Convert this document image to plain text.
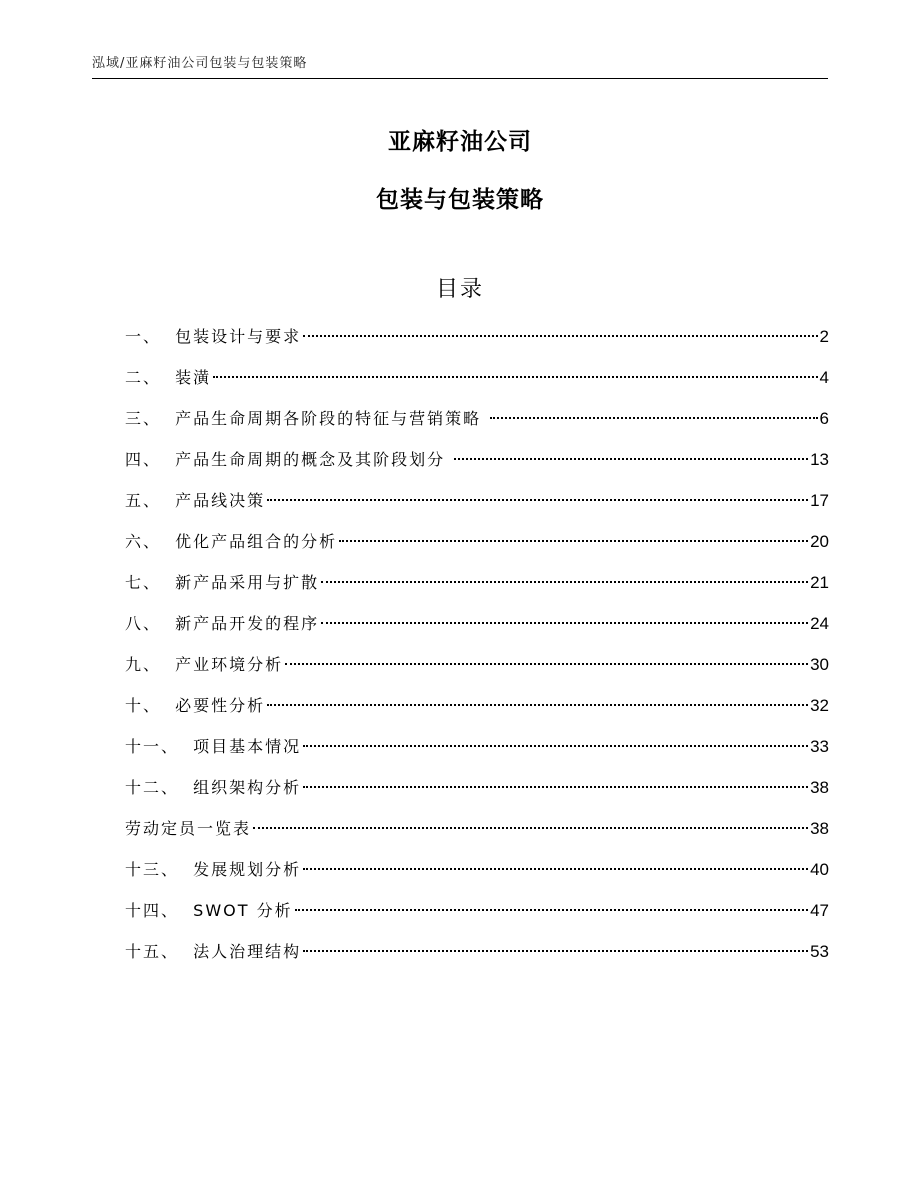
泓域/亚麻籽油公司包装与包装策略
亚麻籽油公司
包装与包装策略
目录
一、  包装设计与要求	2
二、  装潢	4
三、  产品生命周期各阶段的特征与营销策略	6
四、  产品生命周期的概念及其阶段划分	13
五、  产品线决策	17
六、  优化产品组合的分析	20
七、  新产品采用与扩散	21
八、  新产品开发的程序	24
九、  产业环境分析	30
十、  必要性分析	32
十一、  项目基本情况	33
十二、  组织架构分析	38
劳动定员一览表	38
十三、  发展规划分析	40
十四、  SWOT 分析	47
十五、  法人治理结构	53
